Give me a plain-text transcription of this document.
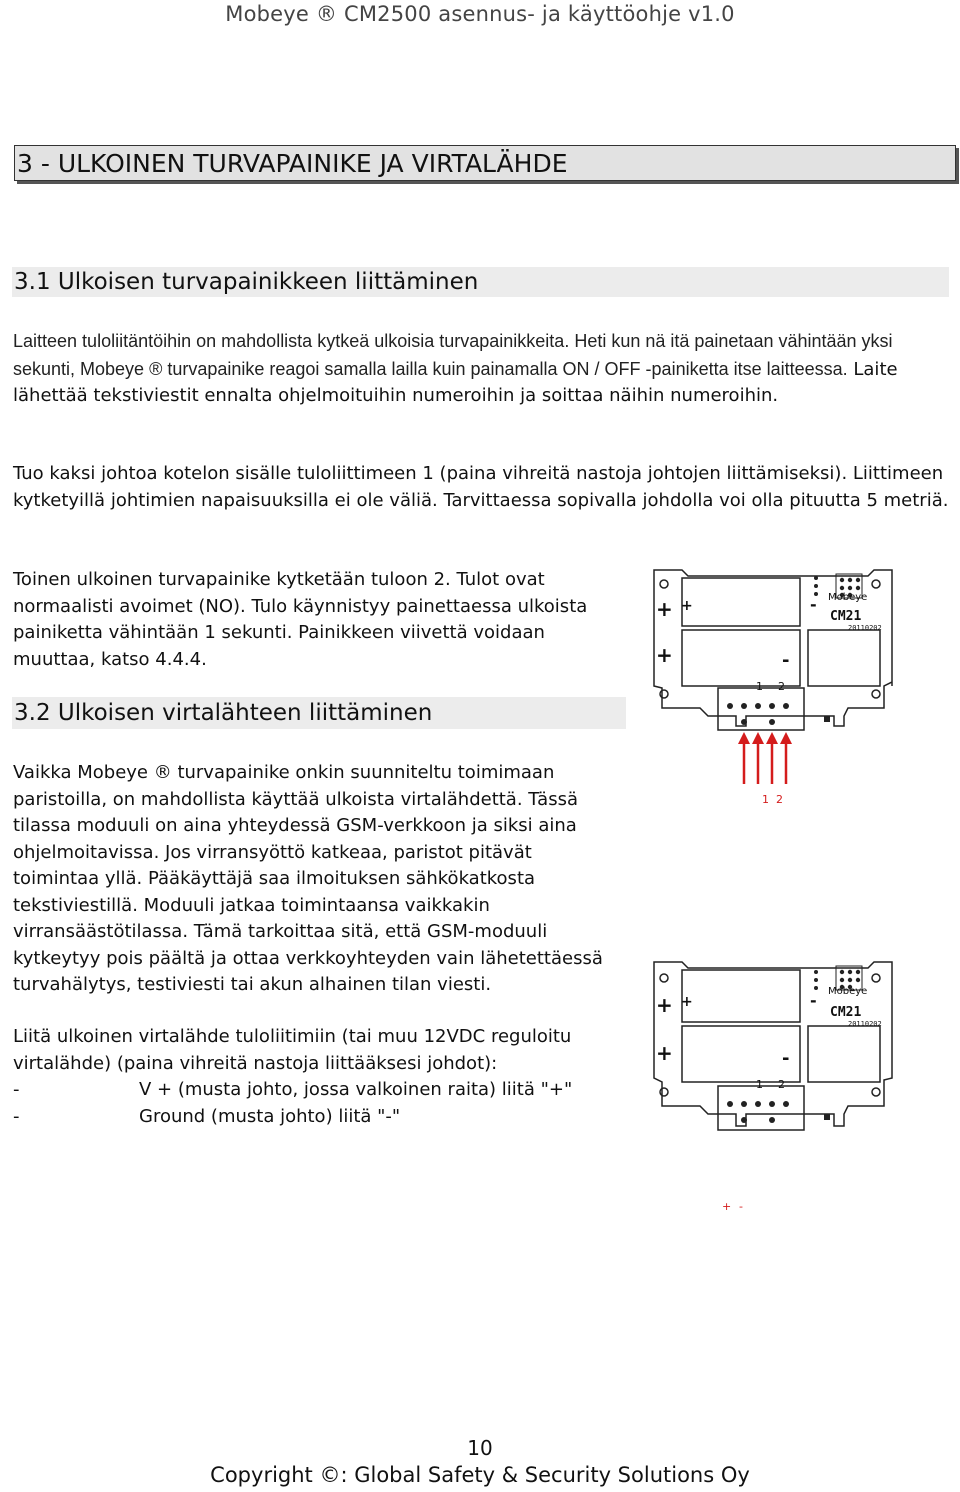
Mobeye ® CM2500 asennus- ja käyttöohje v1.0
3 - ULKOINEN TURVAPAINIKE JA VIRTALÄHDE
3.1 Ulkoisen turvapainikkeen liittäminen
Laitteen tuloliitäntöihin on mahdollista kytkeä ulkoisia turvapainikkeita. Heti kun nä itä painetaan vähintään yksi sekunti, Mobeye ® turvapainike reagoi samalla lailla kuin painamalla ON / OFF -painiketta itse laitteessa. Laite lähettää tekstiviestit ennalta ohjelmoituihin numeroihin ja soittaa näihin numeroihin.
Tuo kaksi johtoa kotelon sisälle tuloliittimeen 1 (paina vihreitä nastoja johtojen liittämiseksi). Liittimeen kytketyillä johtimien napaisuuksilla ei ole väliä. Tarvittaessa sopivalla johdolla voi olla pituutta 5 metriä.
Toinen ulkoinen turvapainike kytketään tuloon 2. Tulot ovat normaalisti avoimet (NO). Tulo käynnistyy painettaessa ulkoista painiketta vähintään 1 sekunti. Painikkeen viivettä voidaan muuttaa, katso 4.4.4.
3.2 Ulkoisen virtalähteen liittäminen
Vaikka Mobeye ® turvapainike onkin suunniteltu toimimaan paristoilla, on mahdollista käyttää ulkoista virtalähdettä. Tässä tilassa moduuli on aina yhteydessä GSM-verkkoon ja siksi aina ohjelmoitavissa. Jos virransyöttö katkeaa, paristot pitävät toimintaa yllä. Pääkäyttäjä saa ilmoituksen sähkökatkosta tekstiviestillä. Moduuli jatkaa toimintaansa vaikkakin virransäästötilassa. Tämä tarkoittaa sitä, että GSM-moduuli kytkeytyy pois päältä ja ottaa verkkoyhteyden vain lähetettäessä turvahälytys, testiviesti tai akun alhainen tilan viesti.
Liitä ulkoinen virtalähde tuloliitimiin (tai muu 12VDC reguloitu virtalähde) (paina vihreitä nastoja liittääksesi johdot):
-	V + (musta johto, jossa valkoinen raita) liitä "+"
-	Ground (musta johto) liitä "-"
+ +	- Mobeye
CM21
20110202
+	-
1 2
1 2
+ +	- Mobeye
CM21
20110202
+	-
1 2
+ -
10
Copyright ©: Global Safety & Security Solutions Oy
